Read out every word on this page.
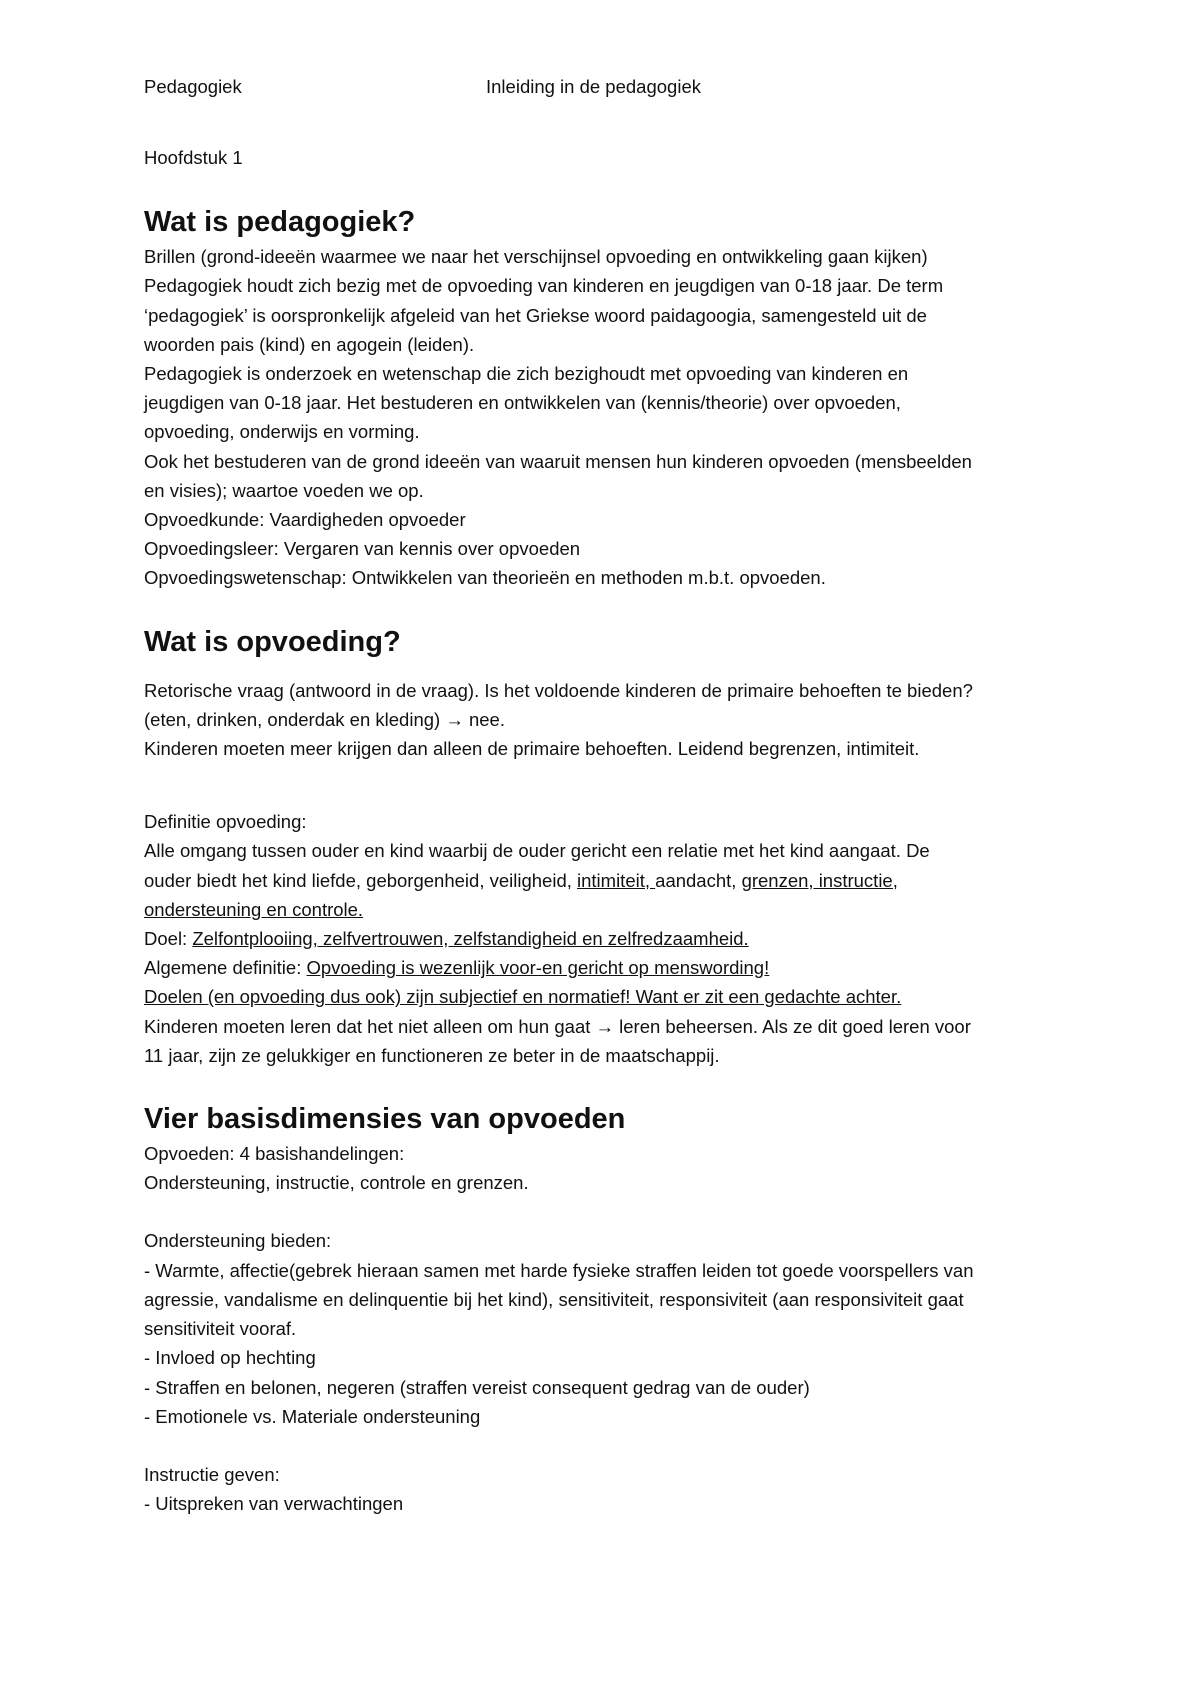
Pedagogiek	Inleiding in de pedagogiek
Hoofdstuk 1
Wat is pedagogiek?
Brillen (grond-ideeën waarmee we naar het verschijnsel opvoeding en ontwikkeling gaan kijken)
Pedagogiek houdt zich bezig met de opvoeding van kinderen en jeugdigen van 0-18 jaar. De term
‘pedagogiek’ is oorspronkelijk afgeleid van het Griekse woord paidagoogia, samengesteld uit de
woorden pais (kind) en agogein (leiden).
Pedagogiek is onderzoek en wetenschap die zich bezighoudt met opvoeding van kinderen en
jeugdigen van 0-18 jaar. Het bestuderen en ontwikkelen van (kennis/theorie) over opvoeden,
opvoeding, onderwijs en vorming.
Ook het bestuderen van de grond ideeën van waaruit mensen hun kinderen opvoeden (mensbeelden
en visies); waartoe voeden we op.
Opvoedkunde: Vaardigheden opvoeder
Opvoedingsleer: Vergaren van kennis over opvoeden
Opvoedingswetenschap: Ontwikkelen van theorieën en methoden m.b.t. opvoeden.
Wat is opvoeding?
Retorische vraag (antwoord in de vraag). Is het voldoende kinderen de primaire behoeften te bieden?
(eten, drinken, onderdak en kleding) → nee.
Kinderen moeten meer krijgen dan alleen de primaire behoeften. Leidend begrenzen, intimiteit.
Definitie opvoeding:
Alle omgang tussen ouder en kind waarbij de ouder gericht een relatie met het kind aangaat. De
ouder biedt het kind liefde, geborgenheid, veiligheid, intimiteit, aandacht, grenzen, instructie,
ondersteuning en controle.
Doel: Zelfontplooiing, zelfvertrouwen, zelfstandigheid en zelfredzaamheid.
Algemene definitie: Opvoeding is wezenlijk voor-en gericht op menswording!
Doelen (en opvoeding dus ook) zijn subjectief en normatief! Want er zit een gedachte achter.
Kinderen moeten leren dat het niet alleen om hun gaat → leren beheersen. Als ze dit goed leren voor
11 jaar, zijn ze gelukkiger en functioneren ze beter in de maatschappij.
Vier basisdimensies van opvoeden
Opvoeden: 4 basishandelingen:
Ondersteuning, instructie, controle en grenzen.
Ondersteuning bieden:
- Warmte, affectie(gebrek hieraan samen met harde fysieke straffen leiden tot goede voorspellers van
agressie, vandalisme en delinquentie bij het kind), sensitiviteit, responsiviteit (aan responsiviteit gaat
sensitiviteit vooraf.
- Invloed op hechting
- Straffen en belonen, negeren (straffen vereist consequent gedrag van de ouder)
- Emotionele vs. Materiale ondersteuning
Instructie geven:
- Uitspreken van verwachtingen
